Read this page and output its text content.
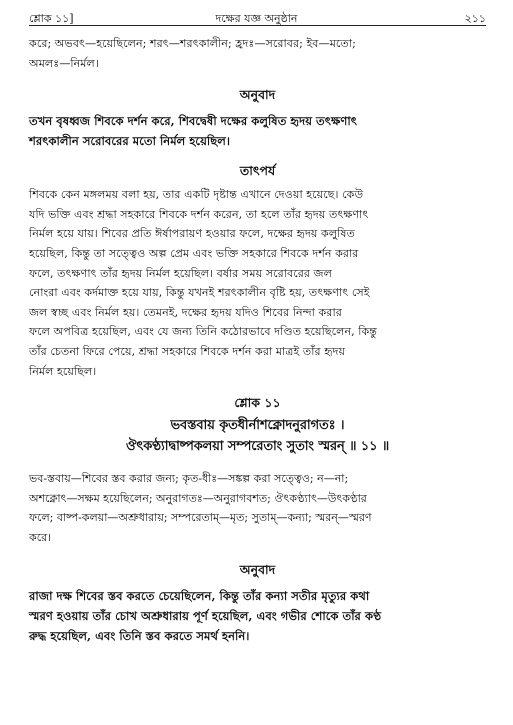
শ্লোক ১১]	দক্ষের যজ্ঞ অনুষ্ঠান	২১১

করে; অভবৎ—হয়েছিলেন; শরৎ—শরৎকালীন; হ্রদঃ—সরোবর; ইব—মতো;

অমলঃ—নির্মল।

অনুবাদ

তখন বৃষধ্বজ শিবকে দর্শন করে, শিবদ্বেষী দক্ষের কলুষিত হৃদয় তৎক্ষণাৎ

শরৎকালীন সরোবরের মতো নির্মল হয়েছিল।

তাৎপর্য

শিবকে কেন মঙ্গলময় বলা হয়, তার একটি দৃষ্টান্ত এখানে দেওয়া হয়েছে। কেউ

যদি ভক্তি এবং শ্রদ্ধা সহকারে শিবকে দর্শন করেন, তা হলে তাঁর হৃদয় তৎক্ষণাৎ

নির্মল হয়ে যায়। শিবের প্রতি ঈর্ষাপরায়ণ হওয়ার ফলে, দক্ষের হৃদয় কলুষিত

হয়েছিল, কিন্তু তা সত্ত্বেও অল্প প্রেম এবং ভক্তি সহকারে শিবকে দর্শন করার

ফলে, তৎক্ষণাৎ তাঁর হৃদয় নির্মল হয়েছিল। বর্ষার সময় সরোবরের জল

নোংরা এবং কর্দমাক্ত হয়ে যায়, কিন্তু যখনই শরৎকালীন বৃষ্টি হয়, তৎক্ষণাৎ সেই

জল স্বচ্ছ এবং নির্মল হয়। তেমনই, দক্ষের হৃদয় যদিও শিবের নিন্দা করার

ফলে অপবিত্র হয়েছিল, এবং যে জন্য তিনি কঠোরভাবে দণ্ডিত হয়েছিলেন, কিন্তু

তাঁর চেতনা ফিরে পেয়ে, শ্রদ্ধা সহকারে শিবকে দর্শন করা মাত্রই তাঁর হৃদয়

নির্মল হয়েছিল।

শ্লোক ১১

ভবস্তবায় কৃতধীর্নাশক্নোদনুরাগতঃ ।

ঔৎকণ্ঠ্যাদ্বাষ্পকলয়া সম্পরেতাং সুতাং স্মরন্ ॥ ১১ ॥

ভব-স্তবায়—শিবের স্তব করার জন্য; কৃত-ধীঃ—সঙ্কল্প করা সত্ত্বেও; ন—না;

অশক্নোৎ—সক্ষম হয়েছিলেন; অনুরাগতঃ—অনুরাগবশত; ঔৎকণ্ঠ্যাৎ—উৎকণ্ঠার

ফলে; বাষ্প-কলয়া—অশ্রুধারায়; সম্পরেতাম্—মৃত; সুতাম্—কন্যা; স্মরন্—স্মরণ

করে।

অনুবাদ

রাজা দক্ষ শিবের স্তব করতে চেয়েছিলেন, কিন্তু তাঁর কন্যা সতীর মৃত্যুর কথা

স্মরণ হওয়ায় তাঁর চোখ অশ্রুধারায় পূর্ণ হয়েছিল, এবং গভীর শোকে তাঁর কণ্ঠ

রুদ্ধ হয়েছিল, এবং তিনি স্তব করতে সমর্থ হননি।
